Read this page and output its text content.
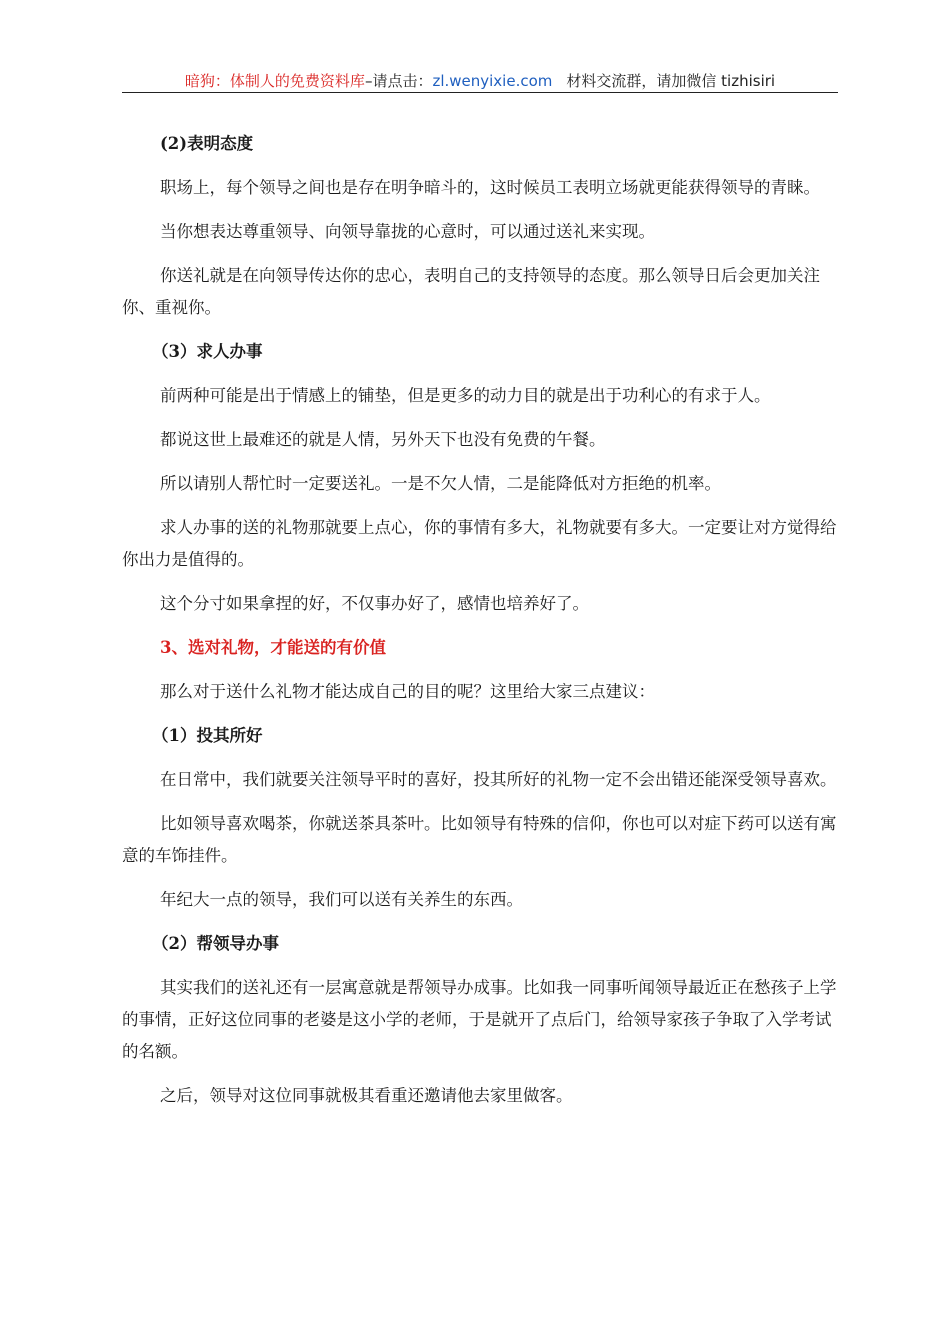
暗狗：体制人的免费资料库–请点击：zl.wenyixie.com 材料交流群，请加微信 tizhisiri

(2)表明态度

职场上，每个领导之间也是存在明争暗斗的，这时候员工表明立场就更能获得领导的青睐。

当你想表达尊重领导、向领导靠拢的心意时，可以通过送礼来实现。

你送礼就是在向领导传达你的忠心，表明自己的支持领导的态度。那么领导日后会更加关注你、重视你。

（3）求人办事

前两种可能是出于情感上的铺垫，但是更多的动力目的就是出于功利心的有求于人。

都说这世上最难还的就是人情，另外天下也没有免费的午餐。

所以请别人帮忙时一定要送礼。一是不欠人情，二是能降低对方拒绝的机率。

求人办事的送的礼物那就要上点心，你的事情有多大，礼物就要有多大。一定要让对方觉得给你出力是值得的。

这个分寸如果拿捏的好，不仅事办好了，感情也培养好了。

3、选对礼物，才能送的有价值

那么对于送什么礼物才能达成自己的目的呢？这里给大家三点建议：

（1）投其所好

在日常中，我们就要关注领导平时的喜好，投其所好的礼物一定不会出错还能深受领导喜欢。

比如领导喜欢喝茶，你就送茶具茶叶。比如领导有特殊的信仰，你也可以对症下药可以送有寓意的车饰挂件。

年纪大一点的领导，我们可以送有关养生的东西。

（2）帮领导办事

其实我们的送礼还有一层寓意就是帮领导办成事。比如我一同事听闻领导最近正在愁孩子上学的事情，正好这位同事的老婆是这小学的老师，于是就开了点后门，给领导家孩子争取了入学考试的名额。

之后，领导对这位同事就极其看重还邀请他去家里做客。
